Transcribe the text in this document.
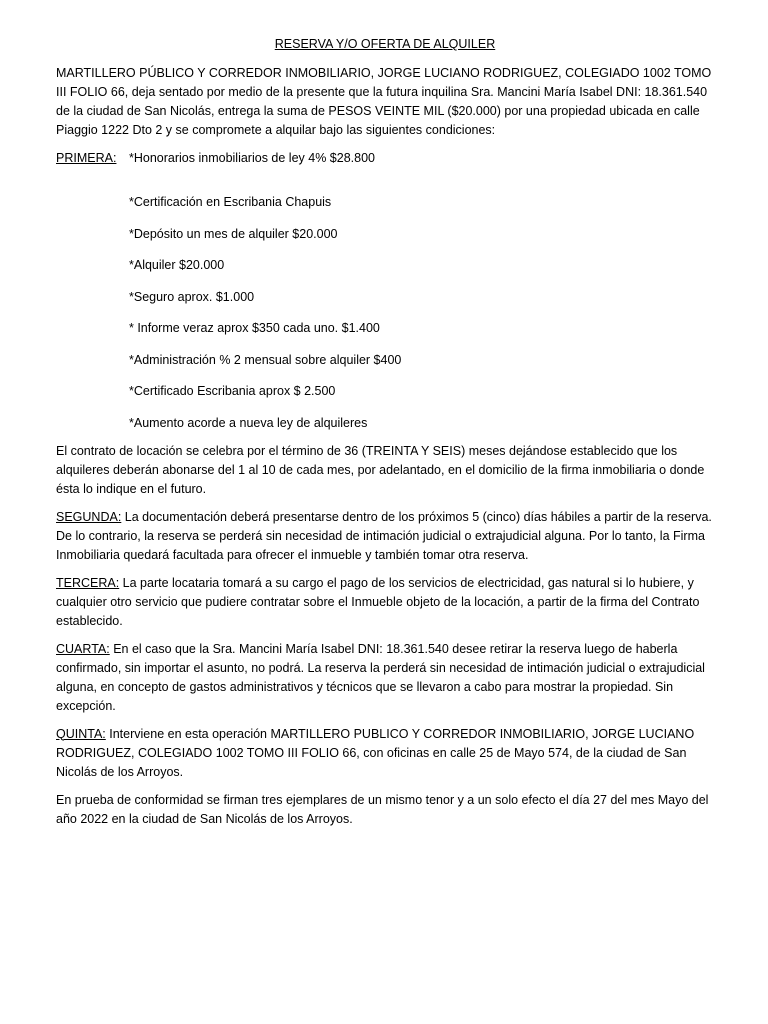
RESERVA Y/O OFERTA DE ALQUILER

MARTILLERO PÚBLICO Y CORREDOR INMOBILIARIO, JORGE LUCIANO RODRIGUEZ, COLEGIADO 1002 TOMO III FOLIO 66, deja sentado por medio de la presente que la futura inquilina Sra. Mancini María Isabel DNI: 18.361.540 de la ciudad de San Nicolás, entrega la suma de PESOS VEINTE MIL ($20.000) por una propiedad ubicada en calle Piaggio 1222 Dto 2 y se compromete a alquilar bajo las siguientes condiciones:

PRIMERA:	*Honorarios inmobiliarios de ley 4% $28.800
*Certificación en Escribania Chapuis
*Depósito un mes de alquiler $20.000
*Alquiler $20.000
*Seguro aprox. $1.000
* Informe veraz aprox $350 cada uno. $1.400
*Administración % 2 mensual sobre alquiler $400
*Certificado Escribania aprox $ 2.500
*Aumento acorde a nueva ley de alquileres

El contrato de locación se celebra por el término de 36 (TREINTA Y SEIS) meses dejándose establecido que los alquileres deberán abonarse del 1 al 10 de cada mes, por adelantado, en el domicilio de la firma inmobiliaria o donde ésta lo indique en el futuro.

SEGUNDA: La documentación deberá presentarse dentro de los próximos 5 (cinco) días hábiles a partir de la reserva. De lo contrario, la reserva se perderá sin necesidad de intimación judicial o extrajudicial alguna. Por lo tanto, la Firma Inmobiliaria quedará facultada para ofrecer el inmueble y también tomar otra reserva.

TERCERA: La parte locataria tomará a su cargo el pago de los servicios de electricidad, gas natural si lo hubiere, y cualquier otro servicio que pudiere contratar sobre el Inmueble objeto de la locación, a partir de la firma del Contrato establecido.

CUARTA: En el caso que la Sra. Mancini María Isabel DNI: 18.361.540 desee retirar la reserva luego de haberla confirmado, sin importar el asunto, no podrá. La reserva la perderá sin necesidad de intimación judicial o extrajudicial alguna, en concepto de gastos administrativos y técnicos que se llevaron a cabo para mostrar la propiedad. Sin excepción.

QUINTA: Interviene en esta operación MARTILLERO PUBLICO Y CORREDOR INMOBILIARIO, JORGE LUCIANO RODRIGUEZ, COLEGIADO 1002 TOMO III FOLIO 66, con oficinas en calle 25 de Mayo 574, de la ciudad de San Nicolás de los Arroyos.

En prueba de conformidad se firman tres ejemplares de un mismo tenor y a un solo efecto el día 27 del mes Mayo del año 2022 en la ciudad de San Nicolás de los Arroyos.
